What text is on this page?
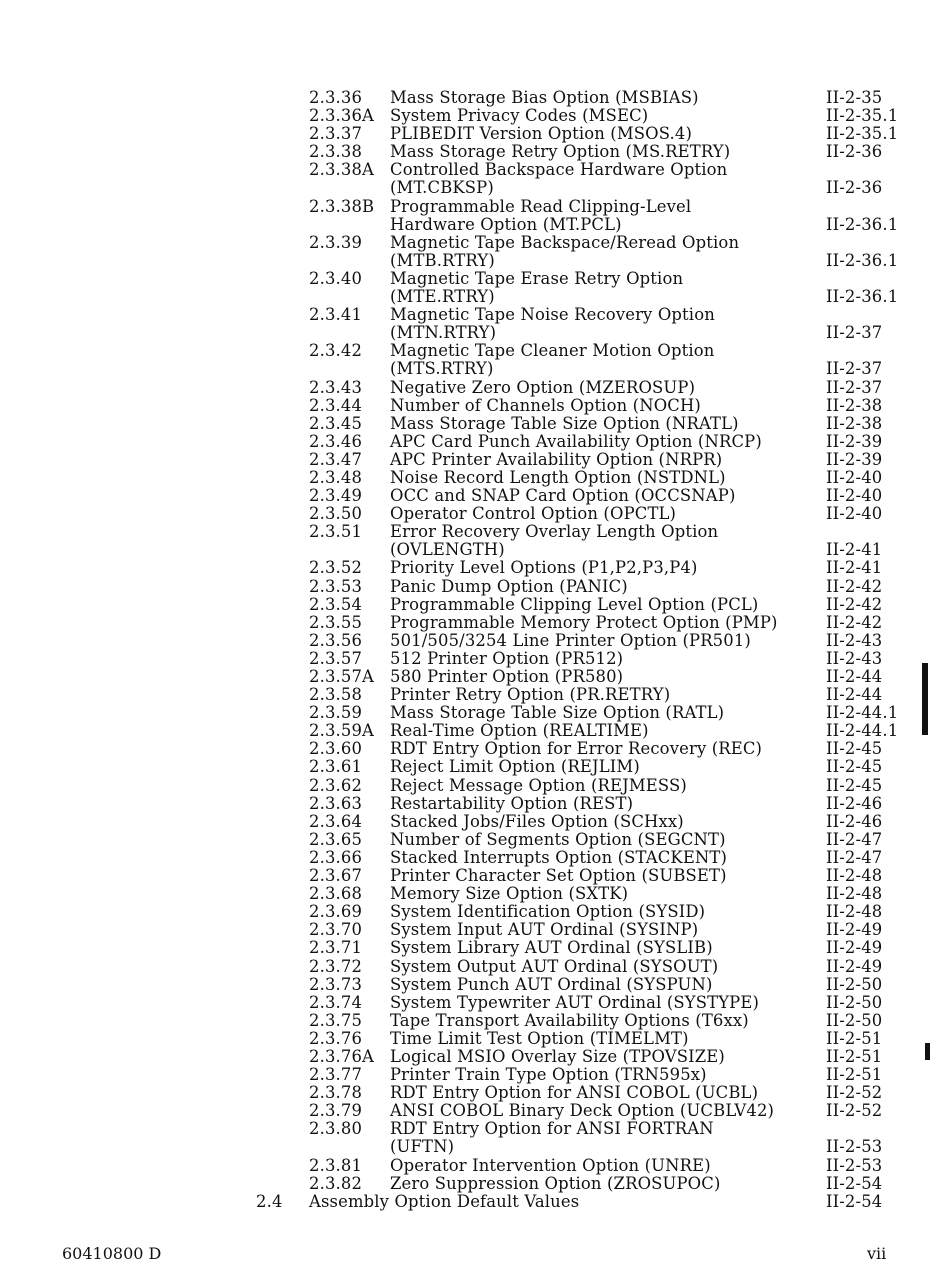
2.3.36 Mass Storage Bias Option (MSBIAS)	II-2-35
2.3.36A System Privacy Codes (MSEC)	II-2-35.1
2.3.37 PLIBEDIT Version Option (MSOS.4)	II-2-35.1
2.3.38 Mass Storage Retry Option (MS.RETRY)	II-2-36
2.3.38A Controlled Backspace Hardware Option
(MT.CBKSP)	II-2-36
2.3.38B Programmable Read Clipping-Level
Hardware Option (MT.PCL)	II-2-36.1
2.3.39 Magnetic Tape Backspace/Reread Option
(MTB.RTRY)	II-2-36.1
2.3.40 Magnetic Tape Erase Retry Option
(MTE.RTRY)	II-2-36.1
2.3.41 Magnetic Tape Noise Recovery Option
(MTN.RTRY)	II-2-37
2.3.42 Magnetic Tape Cleaner Motion Option
(MTS.RTRY)	II-2-37
2.3.43 Negative Zero Option (MZEROSUP)	II-2-37
2.3.44 Number of Channels Option (NOCH)	II-2-38
2.3.45 Mass Storage Table Size Option (NRATL)	II-2-38
2.3.46 APC Card Punch Availability Option (NRCP)	II-2-39
2.3.47 APC Printer Availability Option (NRPR)	II-2-39
2.3.48 Noise Record Length Option (NSTDNL)	II-2-40
2.3.49 OCC and SNAP Card Option (OCCSNAP)	II-2-40
2.3.50 Operator Control Option (OPCTL)	II-2-40
2.3.51 Error Recovery Overlay Length Option
(OVLENGTH)	II-2-41
2.3.52 Priority Level Options (P1,P2,P3,P4)	II-2-41
2.3.53 Panic Dump Option (PANIC)	II-2-42
2.3.54 Programmable Clipping Level Option (PCL)	II-2-42
2.3.55 Programmable Memory Protect Option (PMP)	II-2-42
2.3.56 501/505/3254 Line Printer Option (PR501)	II-2-43
2.3.57 512 Printer Option (PR512)	II-2-43
2.3.57A 580 Printer Option (PR580)	II-2-44
2.3.58 Printer Retry Option (PR.RETRY)	II-2-44
2.3.59 Mass Storage Table Size Option (RATL)	II-2-44.1
2.3.59A Real-Time Option (REALTIME)	II-2-44.1
2.3.60 RDT Entry Option for Error Recovery (REC)	II-2-45
2.3.61 Reject Limit Option (REJLIM)	II-2-45
2.3.62 Reject Message Option (REJMESS)	II-2-45
2.3.63 Restartability Option (REST)	II-2-46
2.3.64 Stacked Jobs/Files Option (SCHxx)	II-2-46
2.3.65 Number of Segments Option (SEGCNT)	II-2-47
2.3.66 Stacked Interrupts Option (STACKENT)	II-2-47
2.3.67 Printer Character Set Option (SUBSET)	II-2-48
2.3.68 Memory Size Option (SXTK)	II-2-48
2.3.69 System Identification Option (SYSID)	II-2-48
2.3.70 System Input AUT Ordinal (SYSINP)	II-2-49
2.3.71 System Library AUT Ordinal (SYSLIB)	II-2-49
2.3.72 System Output AUT Ordinal (SYSOUT)	II-2-49
2.3.73 System Punch AUT Ordinal (SYSPUN)	II-2-50
2.3.74 System Typewriter AUT Ordinal (SYSTYPE)	II-2-50
2.3.75 Tape Transport Availability Options (T6xx)	II-2-50
2.3.76 Time Limit Test Option (TIMELMT)	II-2-51
2.3.76A Logical MSIO Overlay Size (TPOVSIZE)	II-2-51
2.3.77 Printer Train Type Option (TRN595x)	II-2-51
2.3.78 RDT Entry Option for ANSI COBOL (UCBL)	II-2-52
2.3.79 ANSI COBOL Binary Deck Option (UCBLV42)	II-2-52
2.3.80 RDT Entry Option for ANSI FORTRAN
(UFTN)	II-2-53
2.3.81 Operator Intervention Option (UNRE)	II-2-53
2.3.82 Zero Suppression Option (ZROSUPOC)	II-2-54
2.4 Assembly Option Default Values	II-2-54
60410800 D	vii
